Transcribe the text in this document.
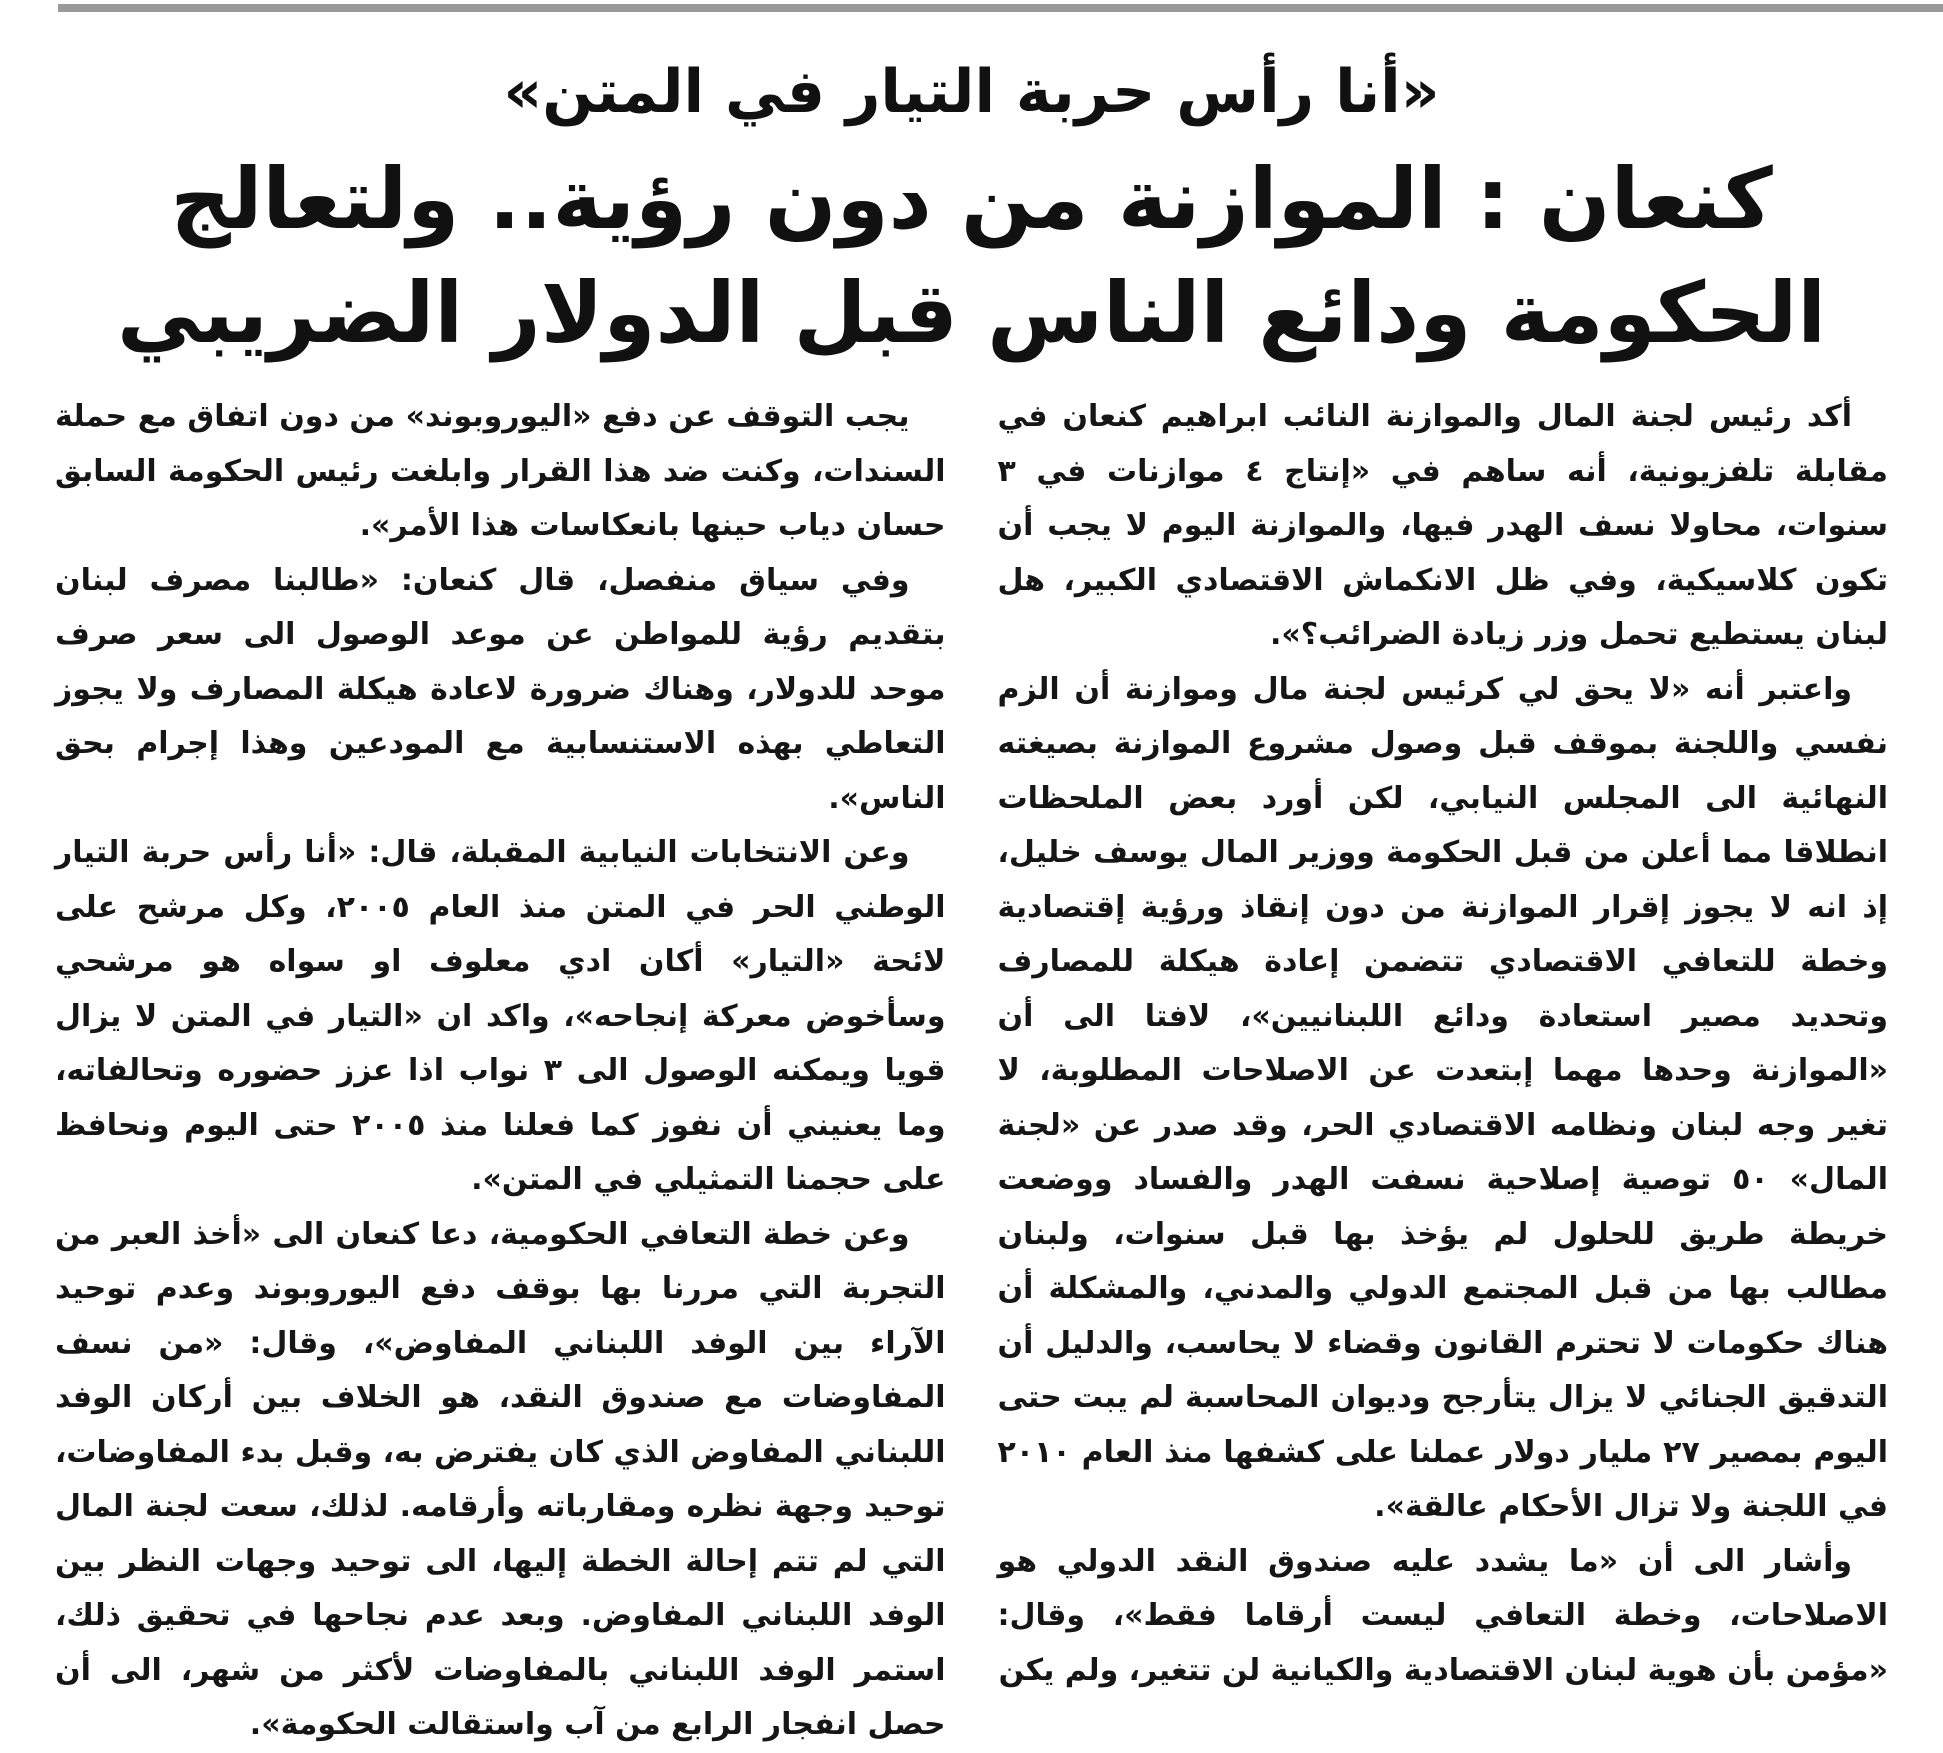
«أنا رأس حربة التيار في المتن»

كنعان : الموازنة من دون رؤية.. ولتعالج الحكومة ودائع الناس قبل الدولار الضريبي

أكد رئيس لجنة المال والموازنة النائب ابراهيم كنعان في مقابلة تلفزيونية، أنه ساهم في «إنتاج ٤ موازنات في ٣ سنوات، محاولا نسف الهدر فيها، والموازنة اليوم لا يجب أن تكون كلاسيكية، وفي ظل الانكماش الاقتصادي الكبير، هل لبنان يستطيع تحمل وزر زيادة الضرائب؟».

واعتبر أنه «لا يحق لي كرئيس لجنة مال وموازنة أن الزم نفسي واللجنة بموقف قبل وصول مشروع الموازنة بصيغته النهائية الى المجلس النيابي، لكن أورد بعض الملحظات انطلاقا مما أعلن من قبل الحكومة ووزير المال يوسف خليل، إذ انه لا يجوز إقرار الموازنة من دون إنقاذ ورؤية إقتصادية وخطة للتعافي الاقتصادي تتضمن إعادة هيكلة للمصارف وتحديد مصير استعادة ودائع اللبنانيين»، لافتا الى أن «الموازنة وحدها مهما إبتعدت عن الاصلاحات المطلوبة، لا تغير وجه لبنان ونظامه الاقتصادي الحر، وقد صدر عن «لجنة المال» ٥٠ توصية إصلاحية نسفت الهدر والفساد ووضعت خريطة طريق للحلول لم يؤخذ بها قبل سنوات، ولبنان مطالب بها من قبل المجتمع الدولي والمدني، والمشكلة أن هناك حكومات لا تحترم القانون وقضاء لا يحاسب، والدليل أن التدقيق الجنائي لا يزال يتأرجح وديوان المحاسبة لم يبت حتى اليوم بمصير ٢٧ مليار دولار عملنا على كشفها منذ العام ٢٠١٠ في اللجنة ولا تزال الأحكام عالقة».

وأشار الى أن «ما يشدد عليه صندوق النقد الدولي هو الاصلاحات، وخطة التعافي ليست أرقاما فقط»، وقال: «مؤمن بأن هوية لبنان الاقتصادية والكيانية لن تتغير، ولم يكن

يجب التوقف عن دفع «اليوروبوند» من دون اتفاق مع حملة السندات، وكنت ضد هذا القرار وابلغت رئيس الحكومة السابق حسان دياب حينها بانعكاسات هذا الأمر».

وفي سياق منفصل، قال كنعان: «طالبنا مصرف لبنان بتقديم رؤية للمواطن عن موعد الوصول الى سعر صرف موحد للدولار، وهناك ضرورة لاعادة هيكلة المصارف ولا يجوز التعاطي بهذه الاستنسابية مع المودعين وهذا إجرام بحق الناس».

وعن الانتخابات النيابية المقبلة، قال: «أنا رأس حربة التيار الوطني الحر في المتن منذ العام ٢٠٠٥، وكل مرشح على لائحة «التيار» أكان ادي معلوف او سواه هو مرشحي وسأخوض معركة إنجاحه»، واكد ان «التيار في المتن لا يزال قويا ويمكنه الوصول الى ٣ نواب اذا عزز حضوره وتحالفاته، وما يعنيني أن نفوز كما فعلنا منذ ٢٠٠٥ حتى اليوم ونحافظ على حجمنا التمثيلي في المتن».

وعن خطة التعافي الحكومية، دعا كنعان الى «أخذ العبر من التجربة التي مررنا بها بوقف دفع اليوروبوند وعدم توحيد الآراء بين الوفد اللبناني المفاوض»، وقال: «من نسف المفاوضات مع صندوق النقد، هو الخلاف بين أركان الوفد اللبناني المفاوض الذي كان يفترض به، وقبل بدء المفاوضات، توحيد وجهة نظره ومقارباته وأرقامه. لذلك، سعت لجنة المال التي لم تتم إحالة الخطة إليها، الى توحيد وجهات النظر بين الوفد اللبناني المفاوض. وبعد عدم نجاحها في تحقيق ذلك، استمر الوفد اللبناني بالمفاوضات لأكثر من شهر، الى أن حصل انفجار الرابع من آب واستقالت الحكومة».
